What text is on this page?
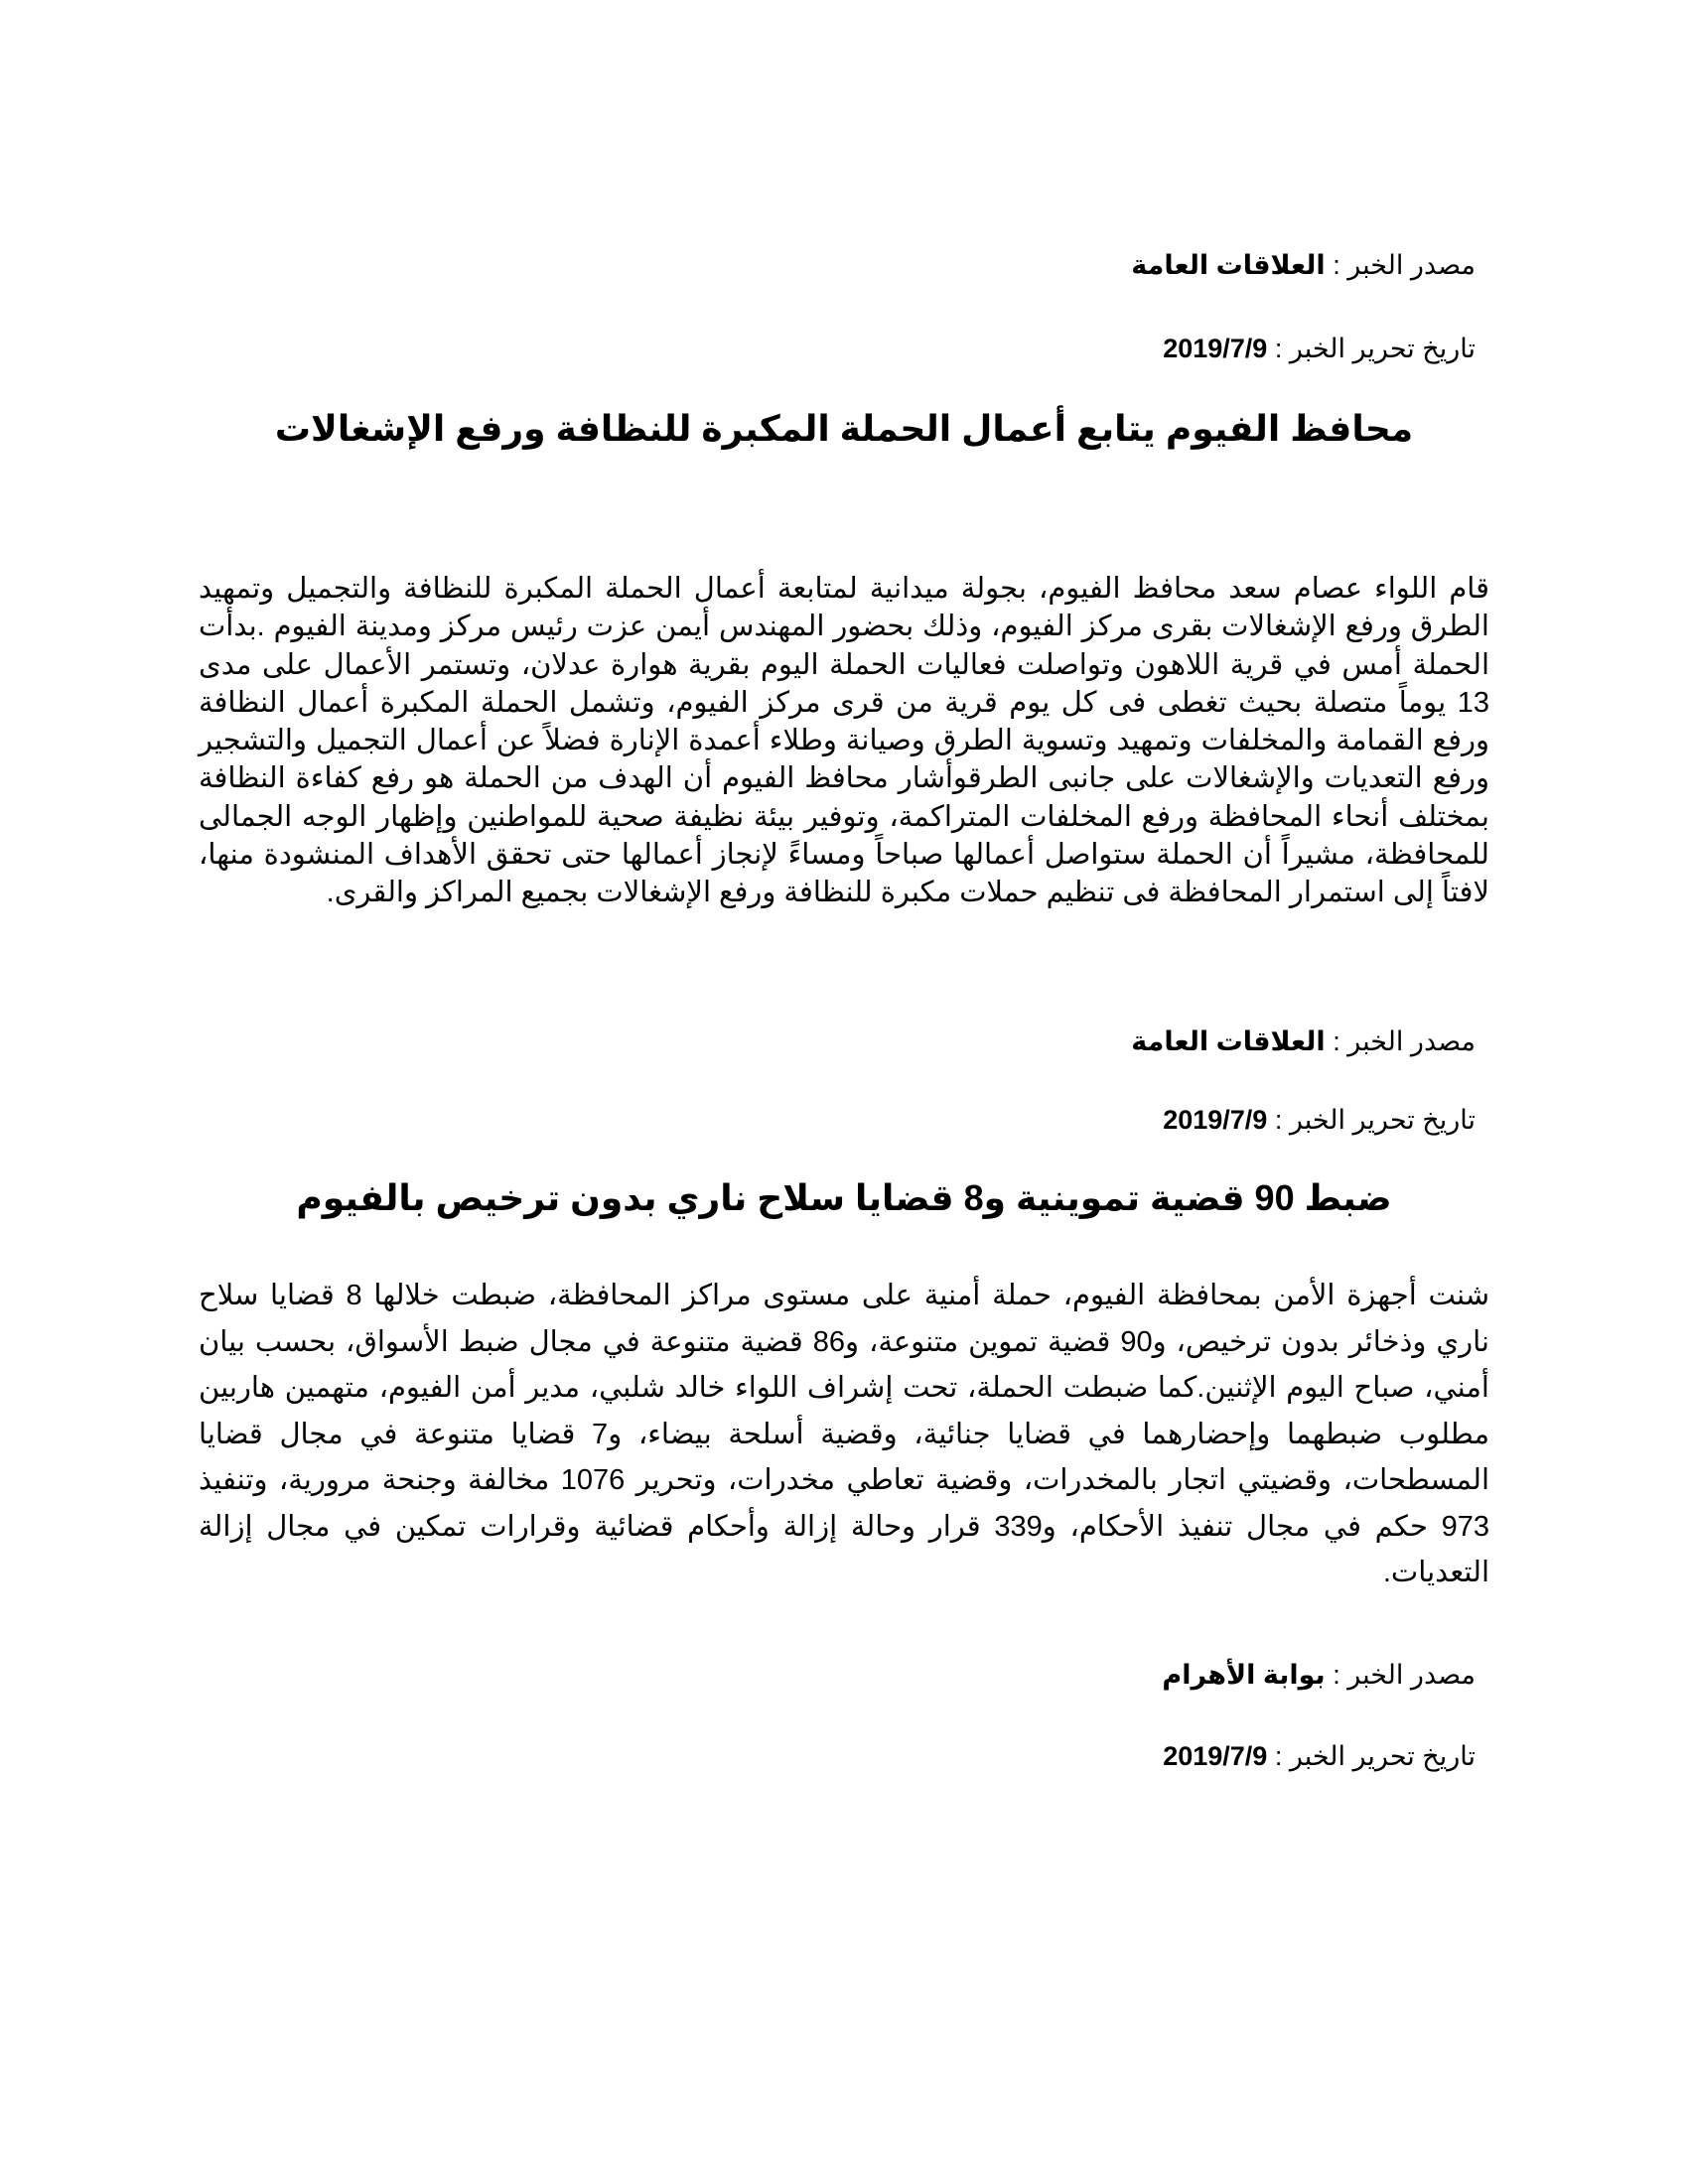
مصدر الخبر : العلاقات العامة
تاريخ تحرير الخبر : 2019/7/9
محافظ الفيوم يتابع أعمال الحملة المكبرة للنظافة ورفع الإشغالات

قام اللواء عصام سعد محافظ الفيوم، بجولة ميدانية لمتابعة أعمال الحملة المكبرة للنظافة والتجميل وتمهيد الطرق ورفع الإشغالات بقرى مركز الفيوم، وذلك بحضور المهندس أيمن عزت رئيس مركز ومدينة الفيوم .بدأت الحملة أمس في قرية اللاهون وتواصلت فعاليات الحملة اليوم بقرية هوارة عدلان، وتستمر الأعمال على مدى 13 يوماً متصلة بحيث تغطى فى كل يوم قرية من قرى مركز الفيوم، وتشمل الحملة المكبرة أعمال النظافة ورفع القمامة والمخلفات وتمهيد وتسوية الطرق وصيانة وطلاء أعمدة الإنارة فضلاً عن أعمال التجميل والتشجير ورفع التعديات والإشغالات على جانبى الطرقوأشار محافظ الفيوم أن الهدف من الحملة هو رفع كفاءة النظافة بمختلف أنحاء المحافظة ورفع المخلفات المتراكمة، وتوفير بيئة نظيفة صحية للمواطنين وإظهار الوجه الجمالى للمحافظة، مشيراً أن الحملة ستواصل أعمالها صباحاً ومساءً لإنجاز أعمالها حتى تحقق الأهداف المنشودة منها، لافتاً إلى استمرار المحافظة فى تنظيم حملات مكبرة للنظافة ورفع الإشغالات بجميع المراكز والقرى.

مصدر الخبر : العلاقات العامة
تاريخ تحرير الخبر : 2019/7/9
ضبط 90 قضية تموينية و8 قضايا سلاح ناري بدون ترخيص بالفيوم

شنت أجهزة الأمن بمحافظة الفيوم، حملة أمنية على مستوى مراكز المحافظة، ضبطت خلالها 8 قضايا سلاح ناري وذخائر بدون ترخيص، و90 قضية تموين متنوعة، و86 قضية متنوعة في مجال ضبط الأسواق، بحسب بيان أمني، صباح اليوم الإثنين.كما ضبطت الحملة، تحت إشراف اللواء خالد شلبي، مدير أمن الفيوم، متهمين هاربين مطلوب ضبطهما وإحضارهما في قضايا جنائية، وقضية أسلحة بيضاء، و7 قضايا متنوعة في مجال قضايا المسطحات، وقضيتي اتجار بالمخدرات، وقضية تعاطي مخدرات، وتحرير 1076 مخالفة وجنحة مرورية، وتنفيذ 973 حكم في مجال تنفيذ الأحكام، و339 قرار وحالة إزالة وأحكام قضائية وقرارات تمكين في مجال إزالة التعديات.

مصدر الخبر : بوابة الأهرام
تاريخ تحرير الخبر : 2019/7/9
